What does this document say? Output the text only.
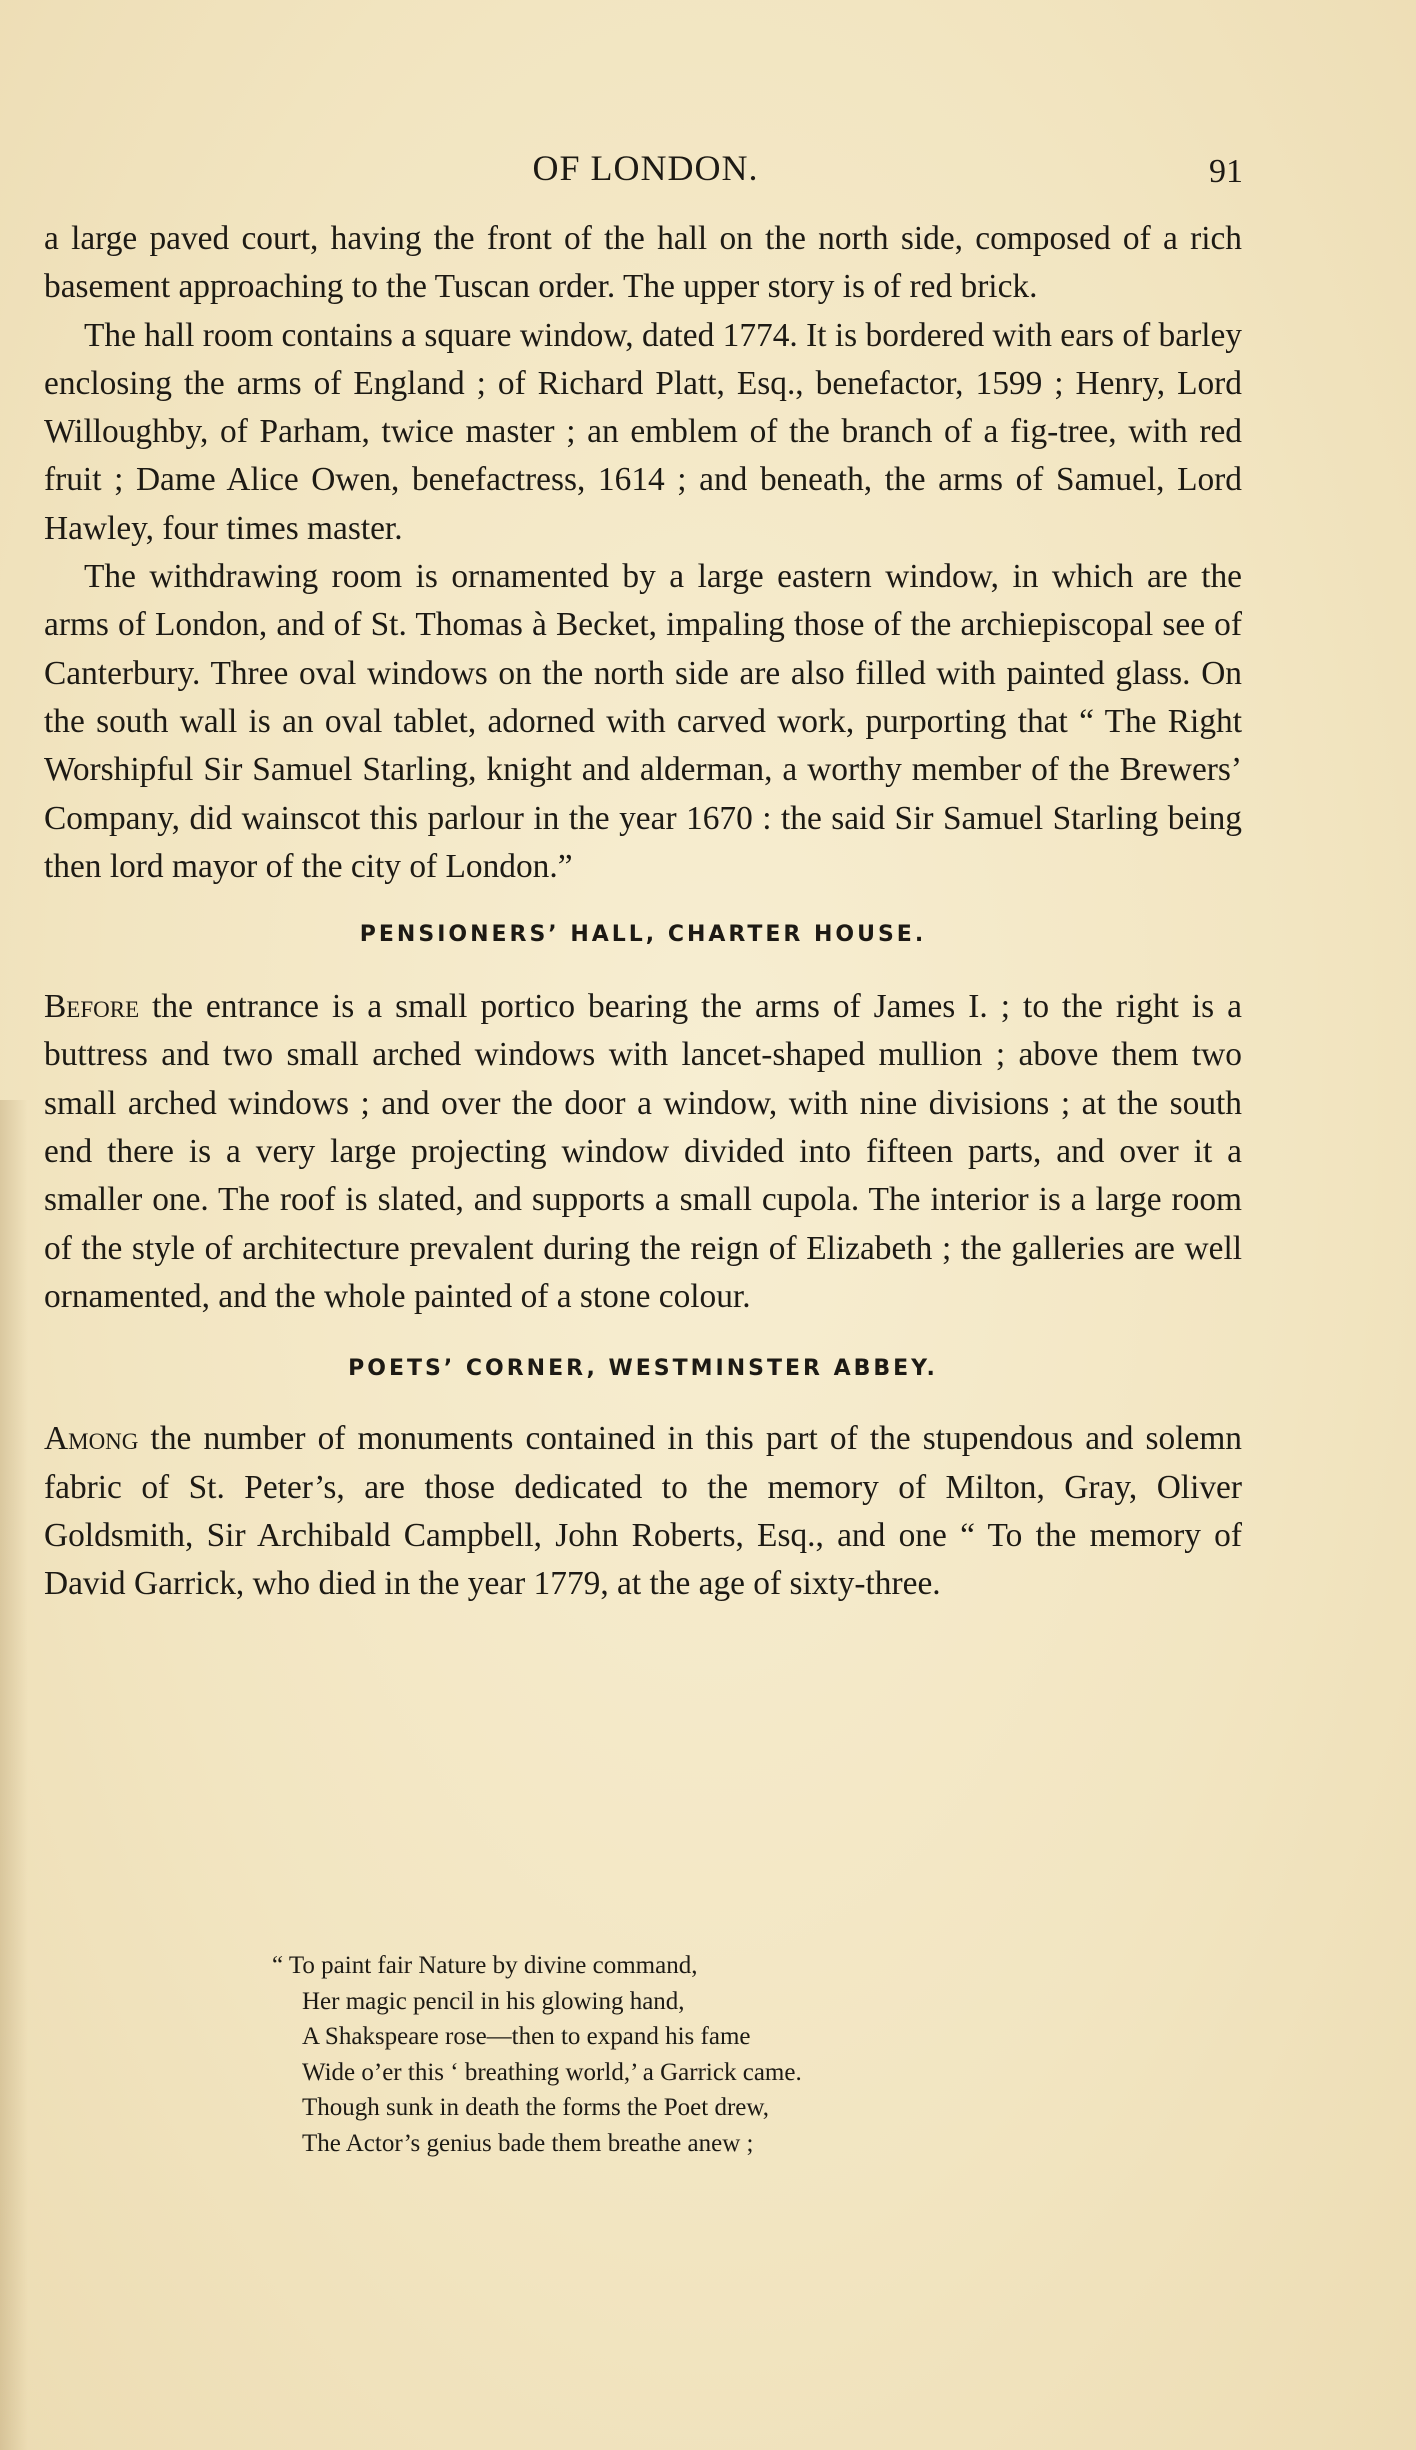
OF LONDON.	91

a large paved court, having the front of the hall on the north side, composed of a rich basement approaching to the Tuscan order. The upper story is of red brick.

The hall room contains a square window, dated 1774. It is bordered with ears of barley enclosing the arms of England ; of Richard Platt, Esq., benefactor, 1599 ; Henry, Lord Willoughby, of Parham, twice master ; an emblem of the branch of a fig-tree, with red fruit ; Dame Alice Owen, benefactress, 1614 ; and beneath, the arms of Samuel, Lord Hawley, four times master.

The withdrawing room is ornamented by a large eastern window, in which are the arms of London, and of St. Thomas à Becket, impaling those of the archiepiscopal see of Canterbury. Three oval windows on the north side are also filled with painted glass. On the south wall is an oval tablet, adorned with carved work, purporting that “ The Right Worshipful Sir Samuel Starling, knight and alderman, a worthy member of the Brewers’ Company, did wainscot this parlour in the year 1670 : the said Sir Samuel Starling being then lord mayor of the city of London.”

PENSIONERS’ HALL, CHARTER HOUSE.

Before the entrance is a small portico bearing the arms of James I. ; to the right is a buttress and two small arched windows with lancet-shaped mullion ; above them two small arched windows ; and over the door a window, with nine divisions ; at the south end there is a very large projecting window divided into fifteen parts, and over it a smaller one. The roof is slated, and supports a small cupola. The interior is a large room of the style of architecture prevalent during the reign of Elizabeth ; the galleries are well ornamented, and the whole painted of a stone colour.

POETS’ CORNER, WESTMINSTER ABBEY.

Among the number of monuments contained in this part of the stupendous and solemn fabric of St. Peter’s, are those dedicated to the memory of Milton, Gray, Oliver Goldsmith, Sir Archibald Campbell, John Roberts, Esq., and one “ To the memory of David Garrick, who died in the year 1779, at the age of sixty-three.

“ To paint fair Nature by divine command,
Her magic pencil in his glowing hand,
A Shakspeare rose—then to expand his fame
Wide o’er this ‘ breathing world,’ a Garrick came.
Though sunk in death the forms the Poet drew,
The Actor’s genius bade them breathe anew ;
